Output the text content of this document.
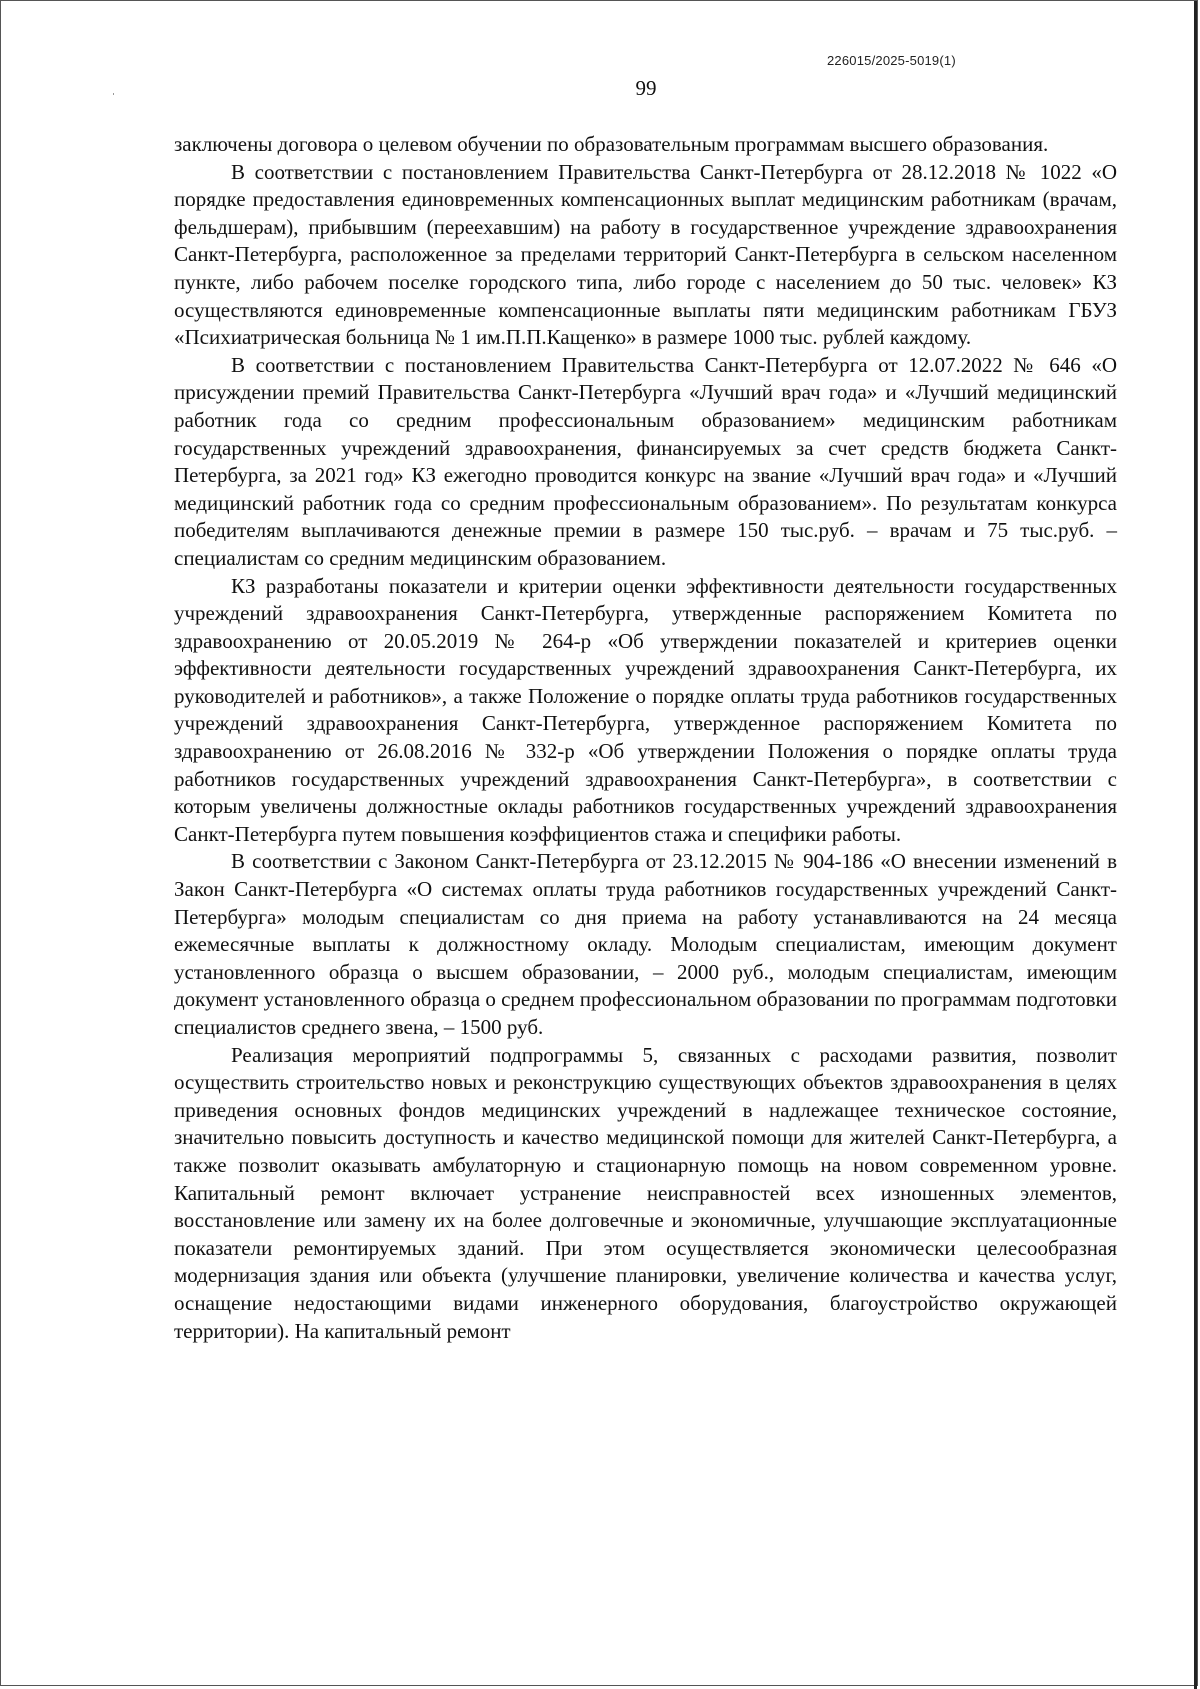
226015/2025-5019(1)
99

заключены договора о целевом обучении по образовательным программам высшего образования.

В соответствии с постановлением Правительства Санкт-Петербурга от 28.12.2018 № 1022 «О порядке предоставления единовременных компенсационных выплат медицинским работникам (врачам, фельдшерам), прибывшим (переехавшим) на работу в государственное учреждение здравоохранения Санкт-Петербурга, расположенное за пределами территорий Санкт-Петербурга в сельском населенном пункте, либо рабочем поселке городского типа, либо городе с населением до 50 тыс. человек» КЗ осуществляются единовременные компенсационные выплаты пяти медицинским работникам ГБУЗ «Психиатрическая больница № 1 им.П.П.Кащенко» в размере 1000 тыс. рублей каждому.

В соответствии с постановлением Правительства Санкт-Петербурга от 12.07.2022 № 646 «О присуждении премий Правительства Санкт-Петербурга «Лучший врач года» и «Лучший медицинский работник года со средним профессиональным образованием» медицинским работникам государственных учреждений здравоохранения, финансируемых за счет средств бюджета Санкт-Петербурга, за 2021 год» КЗ ежегодно проводится конкурс на звание «Лучший врач года» и «Лучший медицинский работник года со средним профессиональным образованием». По результатам конкурса победителям выплачиваются денежные премии в размере 150 тыс.руб. – врачам и 75 тыс.руб. – специалистам со средним медицинским образованием.

КЗ разработаны показатели и критерии оценки эффективности деятельности государственных учреждений здравоохранения Санкт-Петербурга, утвержденные распоряжением Комитета по здравоохранению от 20.05.2019 № 264-р «Об утверждении показателей и критериев оценки эффективности деятельности государственных учреждений здравоохранения Санкт-Петербурга, их руководителей и работников», а также Положение о порядке оплаты труда работников государственных учреждений здравоохранения Санкт-Петербурга, утвержденное распоряжением Комитета по здравоохранению от 26.08.2016 № 332-р «Об утверждении Положения о порядке оплаты труда работников государственных учреждений здравоохранения Санкт-Петербурга», в соответствии с которым увеличены должностные оклады работников государственных учреждений здравоохранения Санкт-Петербурга путем повышения коэффициентов стажа и специфики работы.

В соответствии с Законом Санкт-Петербурга от 23.12.2015 № 904-186 «О внесении изменений в Закон Санкт-Петербурга «О системах оплаты труда работников государственных учреждений Санкт-Петербурга» молодым специалистам со дня приема на работу устанавливаются на 24 месяца ежемесячные выплаты к должностному окладу. Молодым специалистам, имеющим документ установленного образца о высшем образовании, – 2000 руб., молодым специалистам, имеющим документ установленного образца о среднем профессиональном образовании по программам подготовки специалистов среднего звена, – 1500 руб.

Реализация мероприятий подпрограммы 5, связанных с расходами развития, позволит осуществить строительство новых и реконструкцию существующих объектов здравоохранения в целях приведения основных фондов медицинских учреждений в надлежащее техническое состояние, значительно повысить доступность и качество медицинской помощи для жителей Санкт-Петербурга, а также позволит оказывать амбулаторную и стационарную помощь на новом современном уровне. Капитальный ремонт включает устранение неисправностей всех изношенных элементов, восстановление или замену их на более долговечные и экономичные, улучшающие эксплуатационные показатели ремонтируемых зданий. При этом осуществляется экономически целесообразная модернизация здания или объекта (улучшение планировки, увеличение количества и качества услуг, оснащение недостающими видами инженерного оборудования, благоустройство окружающей территории). На капитальный ремонт
